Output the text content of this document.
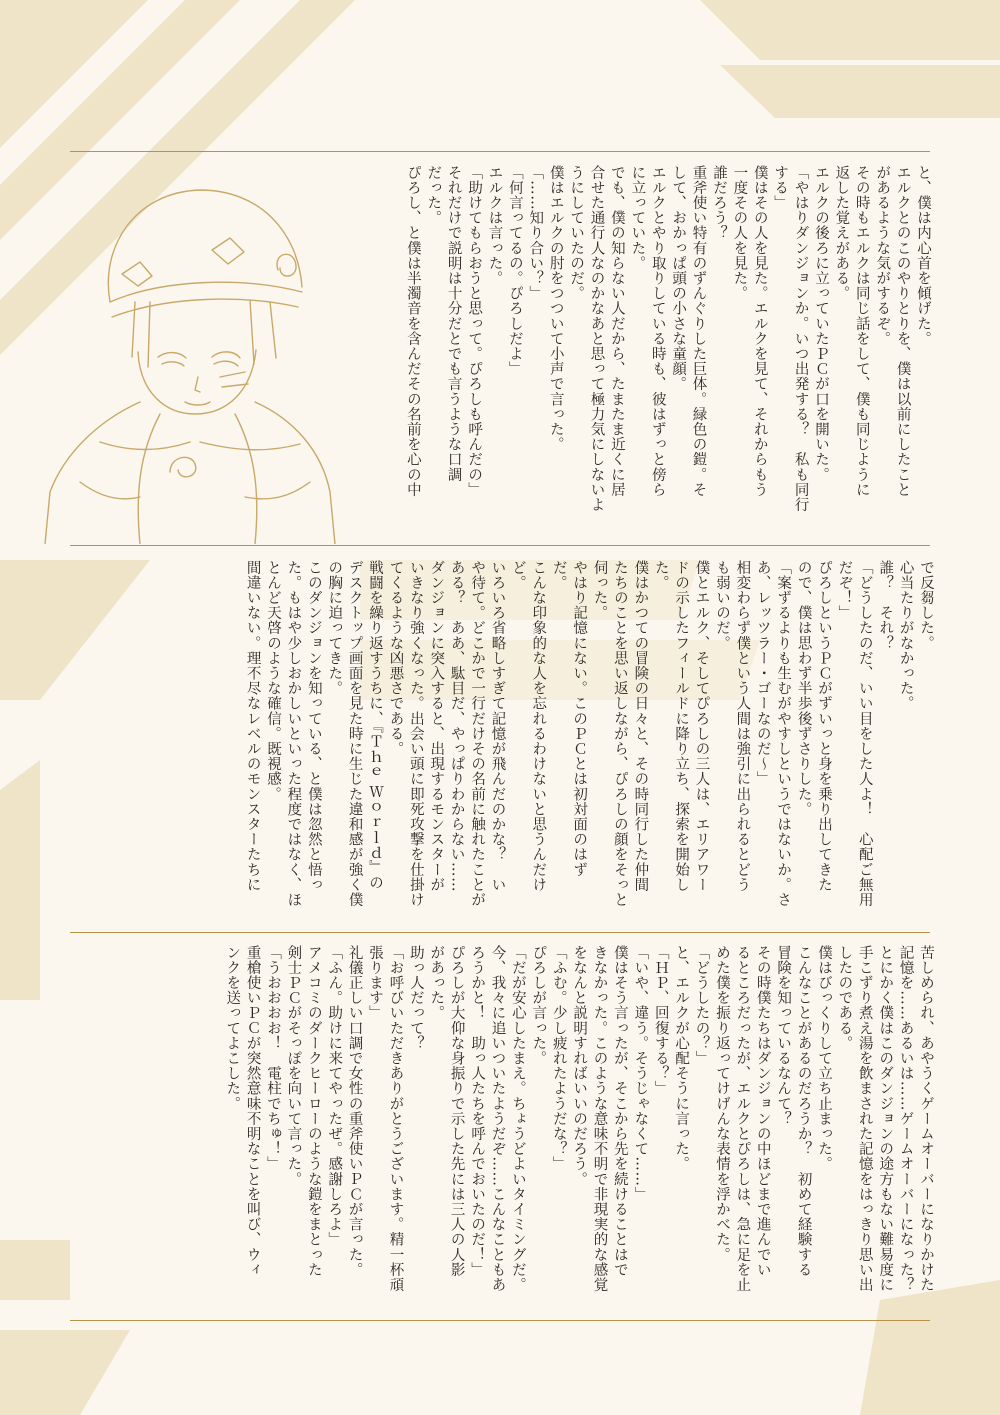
と、僕は内心首を傾げた。

エルクとのこのやりとりを、僕は以前にしたこと

があるような気がするぞ。

その時もエルクは同じ話をして、僕も同じように

返した覚えがある。

エルクの後ろに立っていたＰＣが口を開いた。

「やはりダンジョンか。いつ出発する？　私も同行

する」

僕はその人を見た。エルクを見て、それからもう

一度その人を見た。

誰だろう？

重斧使い特有のずんぐりした巨体。緑色の鎧。そ

して、おかっぱ頭の小さな童顔。

エルクとやり取りしている時も、彼はずっと傍ら

に立っていた。

でも、僕の知らない人だから、たまたま近くに居

合せた通行人なのかなあと思って極力気にしないよ

うにしていたのだ。

僕はエルクの肘をつついて小声で言った。

「……知り合い？」

「何言ってるの。ぴろしだよ」

エルクは言った。

「助けてもらおうと思って。ぴろしも呼んだの」

それだけで説明は十分だとでも言うような口調

だった。

ぴろし、と僕は半濁音を含んだその名前を心の中

で反芻した。

心当たりがなかった。

誰？　それ？

「どうしたのだ、いい目をした人よ！　心配ご無用

だぞ！」

ぴろしというＰＣがずいっと身を乗り出してきた

ので、僕は思わず半歩後ずさりした。

「案ずるよりも生むがやすしというではないか。さ

あ、レッツラー・ゴーなのだ～」

相変わらず僕という人間は強引に出られるとどう

も弱いのだ。

僕とエルク、そしてぴろしの三人は、エリアワー

ドの示したフィールドに降り立ち、探索を開始し

た。

僕はかつての冒険の日々と、その時同行した仲間

たちのことを思い返しながら、ぴろしの顔をそっと

伺った。

やはり記憶にない。このＰＣとは初対面のはず

だ。

こんな印象的な人を忘れるわけないと思うんだけ

ど。

いろいろ省略しすぎて記憶が飛んだのかな？　い

や待て。どこかで一行だけその名前に触れたことが

ある？　ああ、駄目だ、やっぱりわからない……

ダンジョンに突入すると、出現するモンスターが

いきなり強くなった。出会い頭に即死攻撃を仕掛け

てくるような凶悪さである。

戦闘を繰り返すうちに、『Ｔｈｅ Ｗｏｒｌｄ』の

デスクトップ画面を見た時に生じた違和感が強く僕

の胸に迫ってきた。

このダンジョンを知っている、と僕は忽然と悟っ

た。もはや少しおかしいといった程度ではなく、ほ

とんど天啓のような確信。既視感。

間違いない。理不尽なレベルのモンスターたちに

苦しめられ、あやうくゲームオーバーになりかけた

記憶を……あるいは……ゲームオーバーになった？

とにかく僕はこのダンジョンの途方もない難易度に

手こずり煮え湯を飲まされた記憶をはっきり思い出

したのである。

僕はびっくりして立ち止まった。

こんなことがあるのだろうか？　初めて経験する

冒険を知っているなんて？

その時僕たちはダンジョンの中ほどまで進んでい

るところだったが、エルクとぴろしは、急に足を止

めた僕を振り返ってけげんな表情を浮かべた。

「どうしたの？」

と、エルクが心配そうに言った。

「ＨＰ、回復する？」

「いや、違う。そうじゃなくて……」

僕はそう言ったが、そこから先を続けることはで

きなかった。このような意味不明で非現実的な感覚

をなんと説明すればいいのだろう。

「ふむ。少し疲れたようだな？」

ぴろしが言った。

「だが安心したまえ。ちょうどよいタイミングだ。

今、我々に追いついたようだぞ……こんなこともあ

ろうかと！　助っ人たちを呼んでおいたのだ！」

ぴろしが大仰な身振りで示した先には三人の人影

があった。

助っ人だって？

「お呼びいただきありがとうございます。精一杯頑

張ります」

礼儀正しい口調で女性の重斧使いＰＣが言った。

「ふん。助けに来てやったぜ。感謝しろよ」

アメコミのダークヒーローのような鎧をまとった

剣士ＰＣがそっぽを向いて言った。

「うおおおお！　電柱でちゅ！」

重槍使いＰＣが突然意味不明なことを叫び、ウィ

ンクを送ってよこした。
